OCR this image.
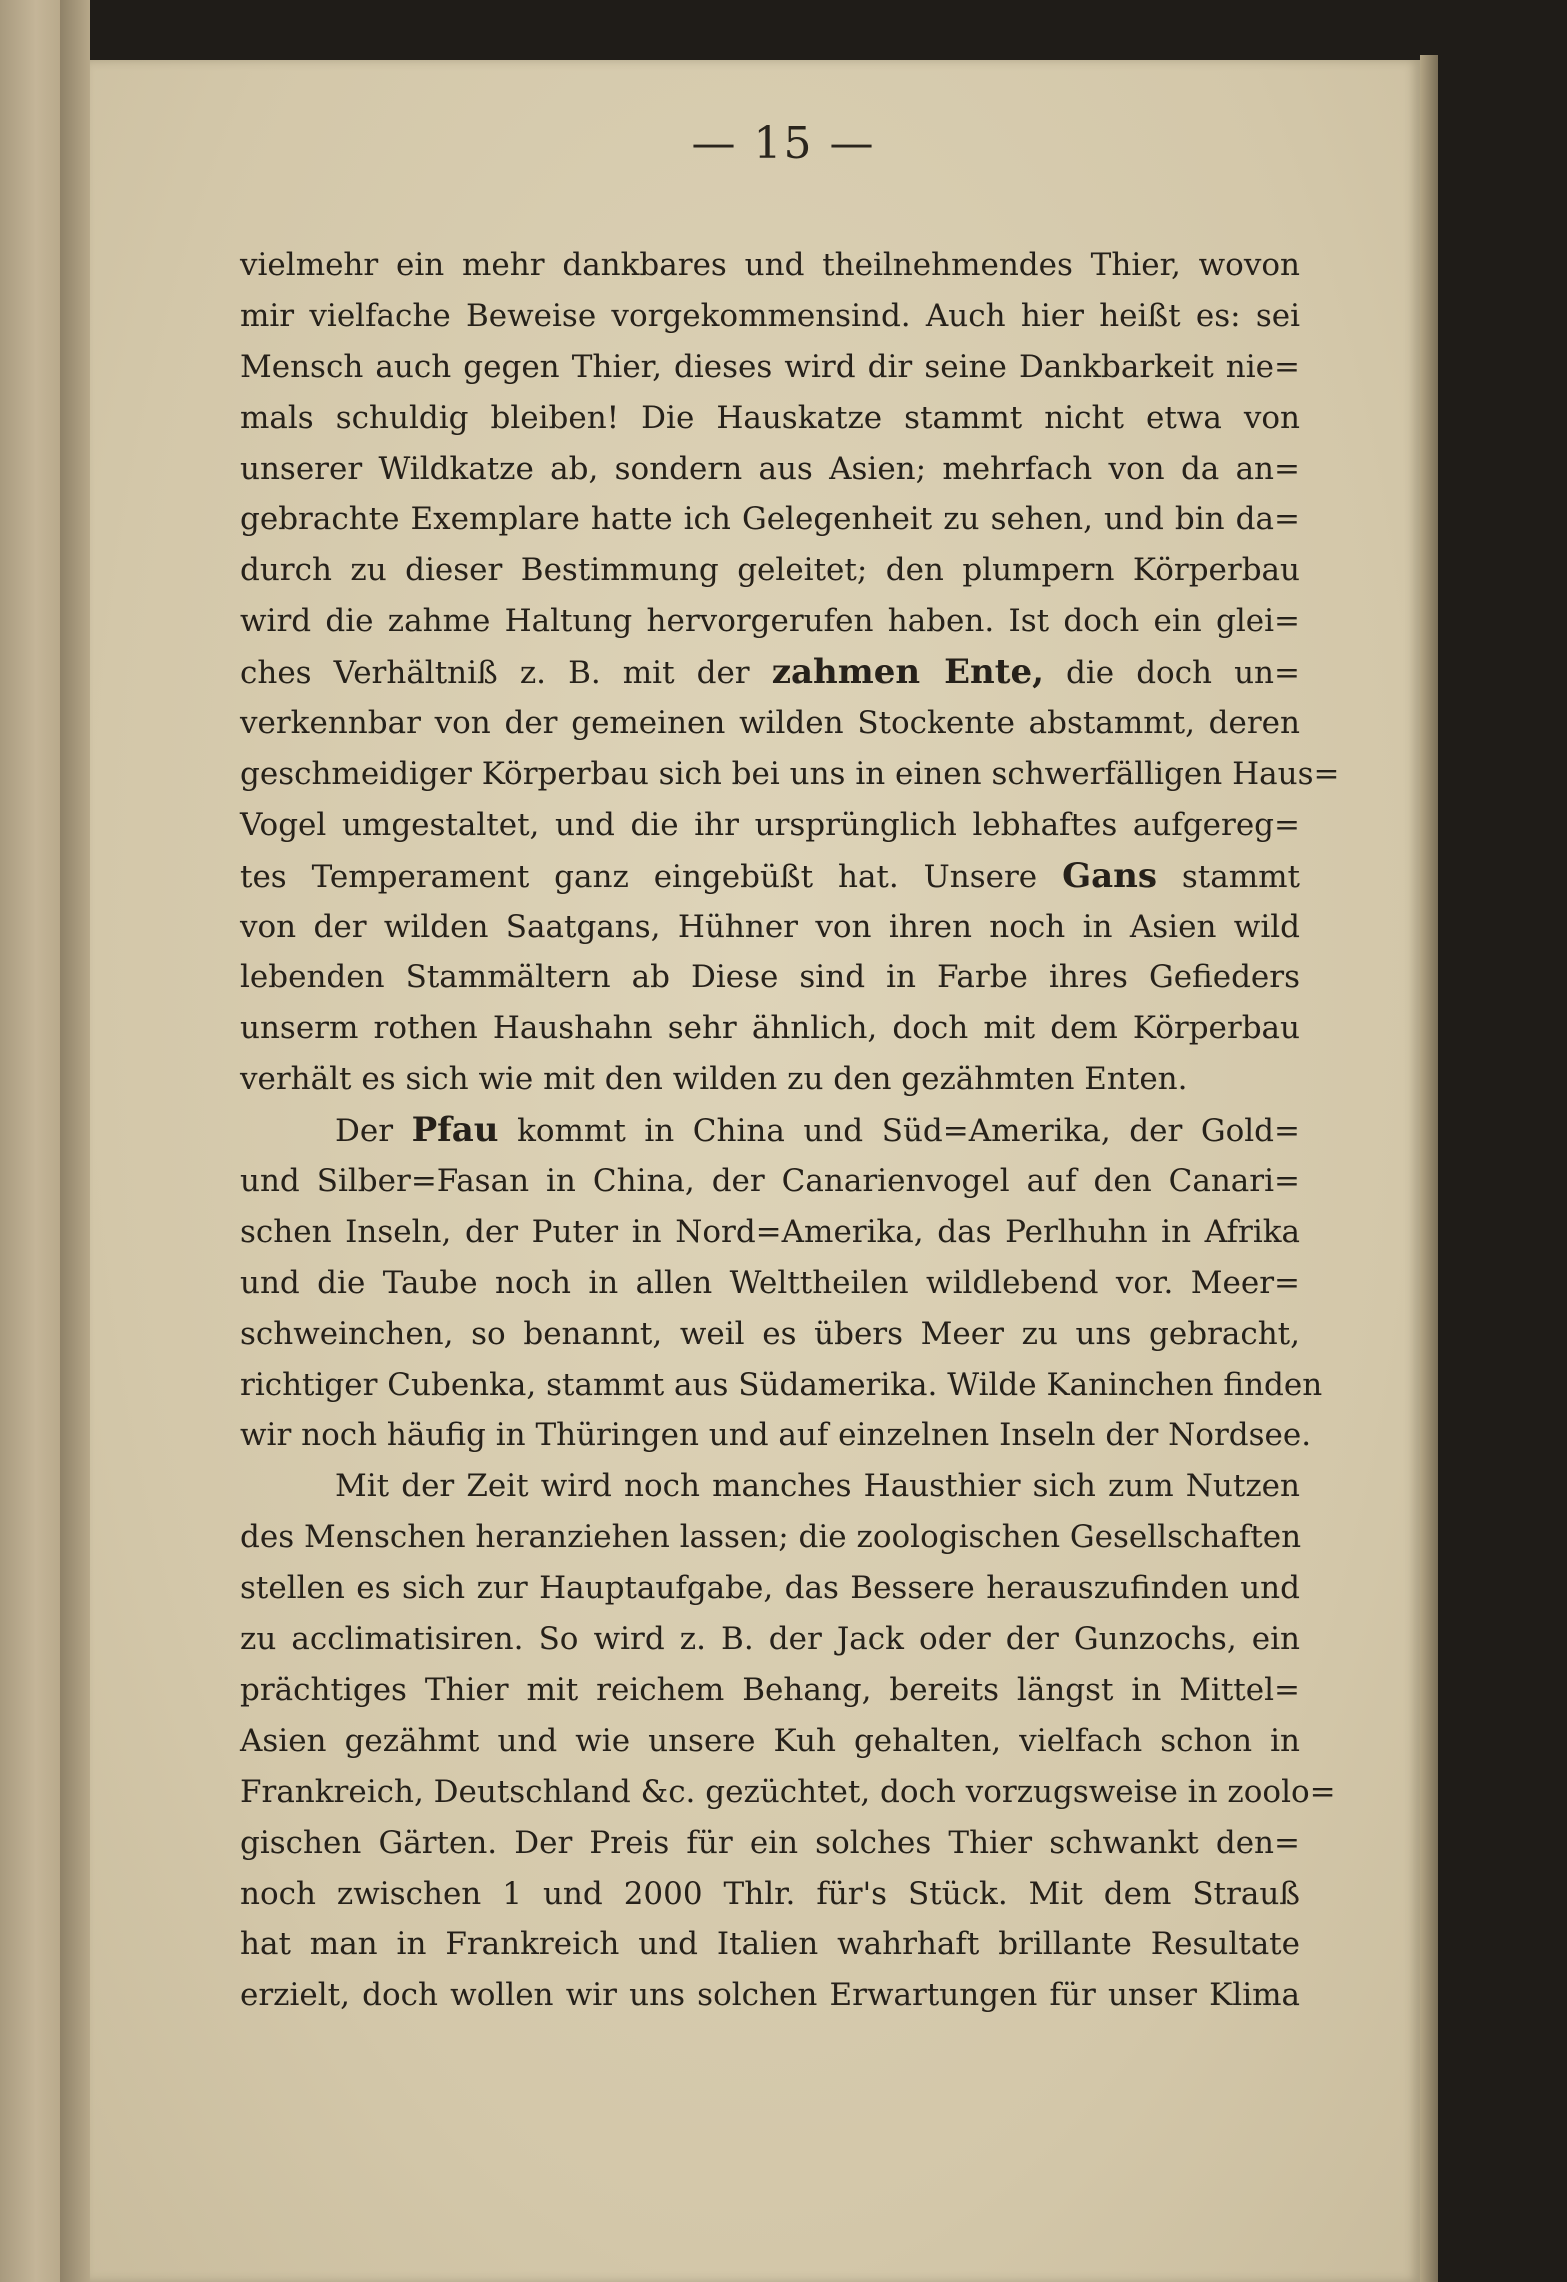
— 15 —
vielmehr ein mehr dankbares und theilnehmendes Thier, wovon
mir vielfache Beweise vorgekommensind. Auch hier heißt es: sei
Mensch auch gegen Thier, dieses wird dir seine Dankbarkeit nie=
mals schuldig bleiben! Die Hauskatze stammt nicht etwa von
unserer Wildkatze ab, sondern aus Asien; mehrfach von da an=
gebrachte Exemplare hatte ich Gelegenheit zu sehen, und bin da=
durch zu dieser Bestimmung geleitet; den plumpern Körperbau
wird die zahme Haltung hervorgerufen haben. Ist doch ein glei=
ches Verhältniß z. B. mit der zahmen Ente, die doch un=
verkennbar von der gemeinen wilden Stockente abstammt, deren
geschmeidiger Körperbau sich bei uns in einen schwerfälligen Haus=
Vogel umgestaltet, und die ihr ursprünglich lebhaftes aufgereg=
tes Temperament ganz eingebüßt hat. Unsere Gans stammt
von der wilden Saatgans, Hühner von ihren noch in Asien wild
lebenden Stammältern ab Diese sind in Farbe ihres Gefieders
unserm rothen Haushahn sehr ähnlich, doch mit dem Körperbau
verhält es sich wie mit den wilden zu den gezähmten Enten.
Der Pfau kommt in China und Süd=Amerika, der Gold=
und Silber=Fasan in China, der Canarienvogel auf den Canari=
schen Inseln, der Puter in Nord=Amerika, das Perlhuhn in Afrika
und die Taube noch in allen Welttheilen wildlebend vor. Meer=
schweinchen, so benannt, weil es übers Meer zu uns gebracht,
richtiger Cubenka, stammt aus Südamerika. Wilde Kaninchen finden
wir noch häufig in Thüringen und auf einzelnen Inseln der Nordsee.
Mit der Zeit wird noch manches Hausthier sich zum Nutzen
des Menschen heranziehen lassen; die zoologischen Gesellschaften
stellen es sich zur Hauptaufgabe, das Bessere herauszufinden und
zu acclimatisiren. So wird z. B. der Jack oder der Gunzochs, ein
prächtiges Thier mit reichem Behang, bereits längst in Mittel=
Asien gezähmt und wie unsere Kuh gehalten, vielfach schon in
Frankreich, Deutschland &c. gezüchtet, doch vorzugsweise in zoolo=
gischen Gärten. Der Preis für ein solches Thier schwankt den=
noch zwischen 1 und 2000 Thlr. für's Stück. Mit dem Strauß
hat man in Frankreich und Italien wahrhaft brillante Resultate
erzielt, doch wollen wir uns solchen Erwartungen für unser Klima
